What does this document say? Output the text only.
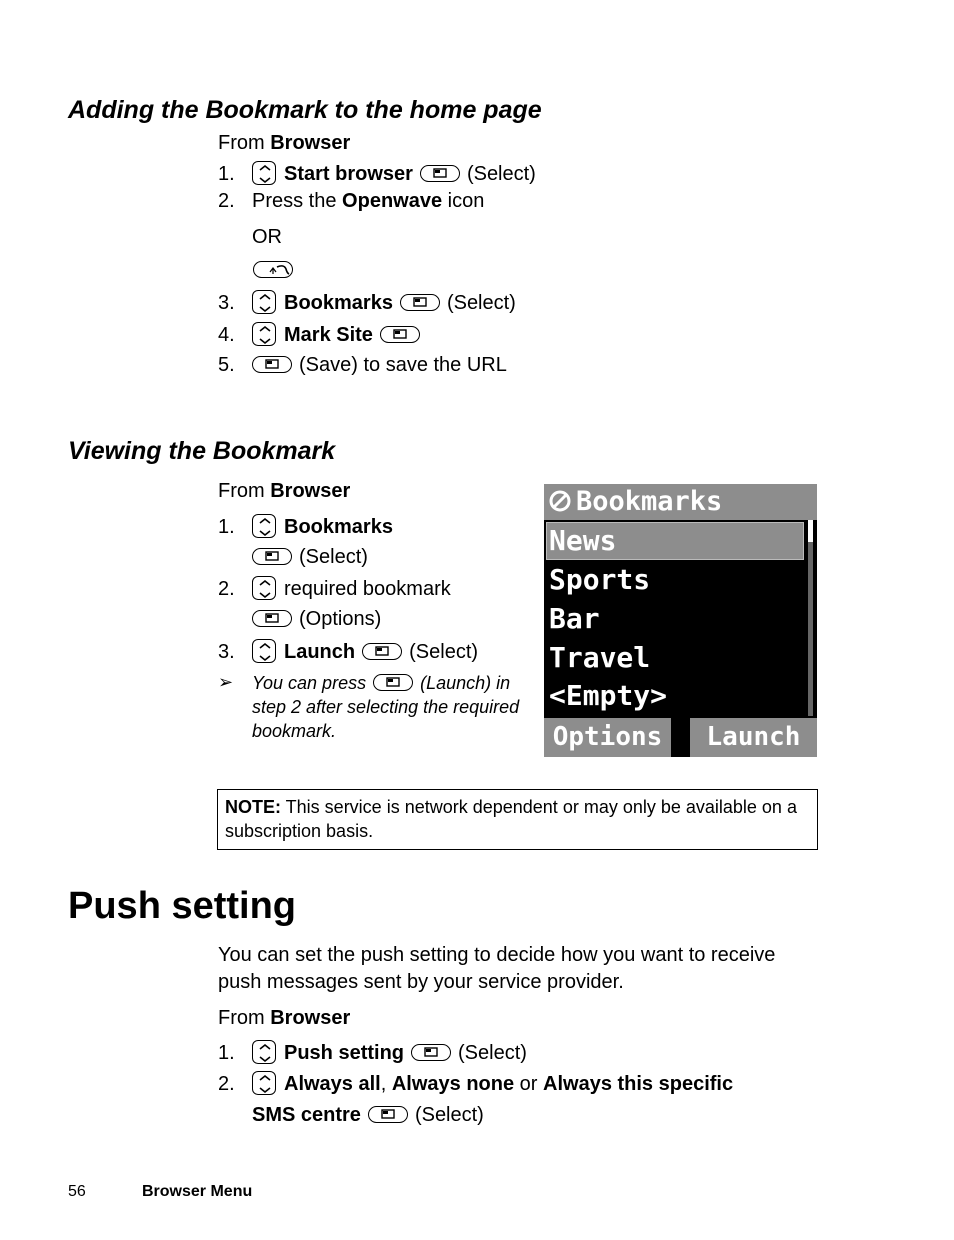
Adding the Bookmark to the home page
From Browser
1. Start browser	(Select)
2. Press the Openwave icon
OR
3. Bookmarks	(Select)
4. Mark Site
5.	(Save) to save the URL
Viewing the Bookmark
From Browser
1. Bookmarks
(Select)
2. required bookmark
(Options)
3. Launch	(Select)
➢ You can press	(Launch) in
step 2 after selecting the required
bookmark.
Bookmarks
News
Sports
Bar
Travel
<Empty>
Options	Launch
NOTE: This service is network dependent or may only be available on a subscription basis.
Push setting
You can set the push setting to decide how you want to receive
push messages sent by your service provider.
From Browser
1. Push setting	(Select)
2. Always all, Always none or Always this specific
SMS centre	(Select)
56	Browser Menu
